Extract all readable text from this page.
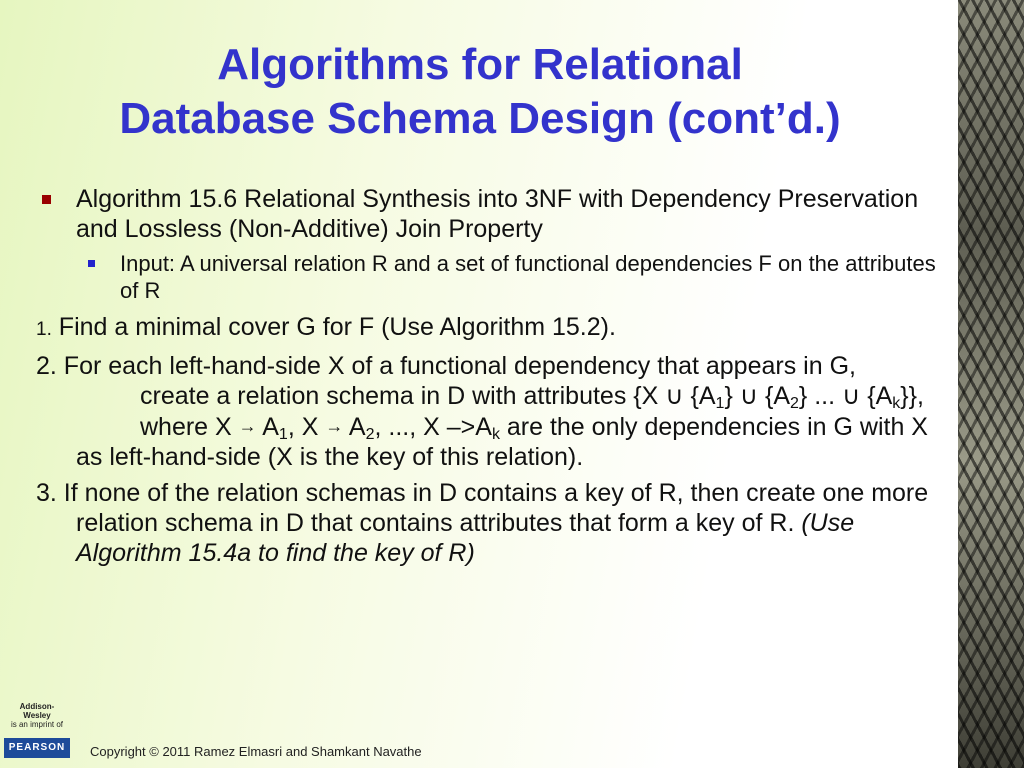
Algorithms for Relational
Database Schema Design (cont’d.)

Algorithm 15.6 Relational Synthesis into 3NF with Dependency Preservation and Lossless (Non-Additive) Join Property

Input: A universal relation R and a set of functional dependencies F on the attributes of R

1. Find a minimal cover G for F (Use Algorithm 15.2).

2. For each left-hand-side X of a functional dependency that appears in G,

create a relation schema in D with attributes {X ∪ $\{A_1\}$ ∪ $\{A_2\}$ ... ∪ $\{A_k\}$},

where $X \to A_1$, $X \to A_2$, ..., X $->A_k$ are the only dependencies in G with X as left-hand-side (X is the key of this relation).

3. If none of the relation schemas in D contains a key of R, then create one more relation schema in D that contains attributes that form a key of R. (Use Algorithm 15.4a to find the key of R)

Addison-Wesley
is an imprint of
PEARSON	Copyright © 2011 Ramez Elmasri and Shamkant Navathe
